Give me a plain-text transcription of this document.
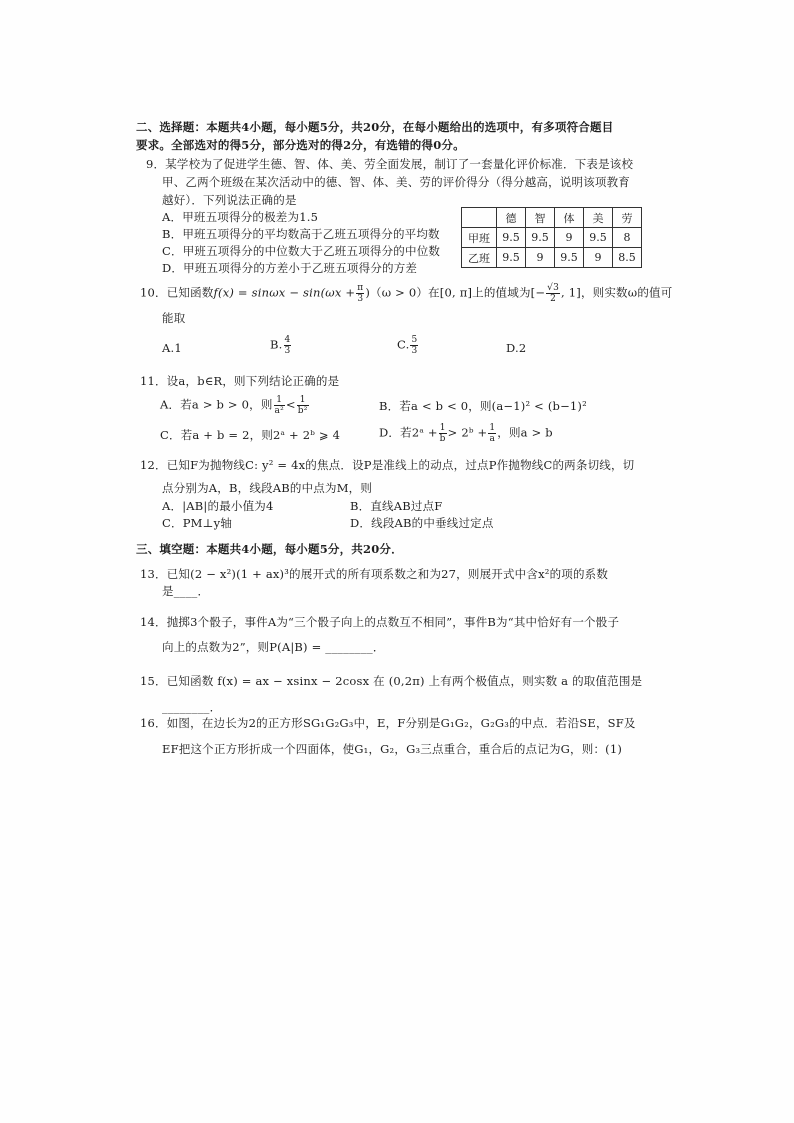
二、选择题：本题共4小题，每小题5分，共20分，在每小题给出的选项中，有多项符合题目
要求。全部选对的得5分，部分选对的得2分，有选错的得0分。
9．某学校为了促进学生德、智、体、美、劳全面发展，制订了一套量化评价标准．下表是该校
甲、乙两个班级在某次活动中的德、智、体、美、劳的评价得分（得分越高，说明该项教育
越好）．下列说法正确的是
A．甲班五项得分的极差为1.5
B．甲班五项得分的平均数高于乙班五项得分的平均数
C．甲班五项得分的中位数大于乙班五项得分的中位数
D．甲班五项得分的方差小于乙班五项得分的方差
	德	智	体	美	劳
甲班	9.5	9.5	9	9.5	8
乙班	9.5	9	9.5	9	8.5
10．已知函数$f(x) = \sin\omega x - \sin(\omega x + \frac{\pi}{3} )(\omega > 0)$在[0, π]上的值域为[− $\frac{√3}{2}$ , 1]，则实数ω的值可
能取
A.1	B. $\frac{4}{3}$	C. $\frac{5}{3}$	D.2
11．设a，b∈R，则下列结论正确的是
A．若a > b > 0，则 $\frac{1}{\text{a²}} < \frac{1}{\text{b²}}$	B．若a < b < 0，则(a−1)² < (b−1)²
C．若a + b = 2，则2ᵃ + 2ᵇ ⩾ 4	D．若2ᵃ + $\frac{1}{b}$ > 2ᵇ + $\frac{1}{a}$ ，则a > b
12．已知F为抛物线C: y² = 4x的焦点．设P是准线上的动点，过点P作抛物线C的两条切线，切
点分别为A，B，线段AB的中点为M，则
A．|AB|的最小值为4	B．直线AB过点F
C．PM⊥y轴	D．线段AB的中垂线过定点
三、填空题：本题共4小题，每小题5分，共20分．
13．已知(2 − x²)(1 + ax)³的展开式的所有项系数之和为27，则展开式中含x²的项的系数
是____．
14．抛掷3个骰子，事件A为“三个骰子向上的点数互不相同”，事件B为“其中恰好有一个骰子
向上的点数为2”，则P(A|B) = ________．
15．已知函数 f(x) = ax − xsinx − 2cosx 在 (0,2π) 上有两个极值点，则实数 a 的取值范围是
________．
16．如图，在边长为2的正方形SG₁G₂G₃中，E，F分别是G₁G₂，G₂G₃的中点．若沿SE，SF及
EF把这个正方形折成一个四面体，使G₁，G₂，G₃三点重合，重合后的点记为G，则：(1)
